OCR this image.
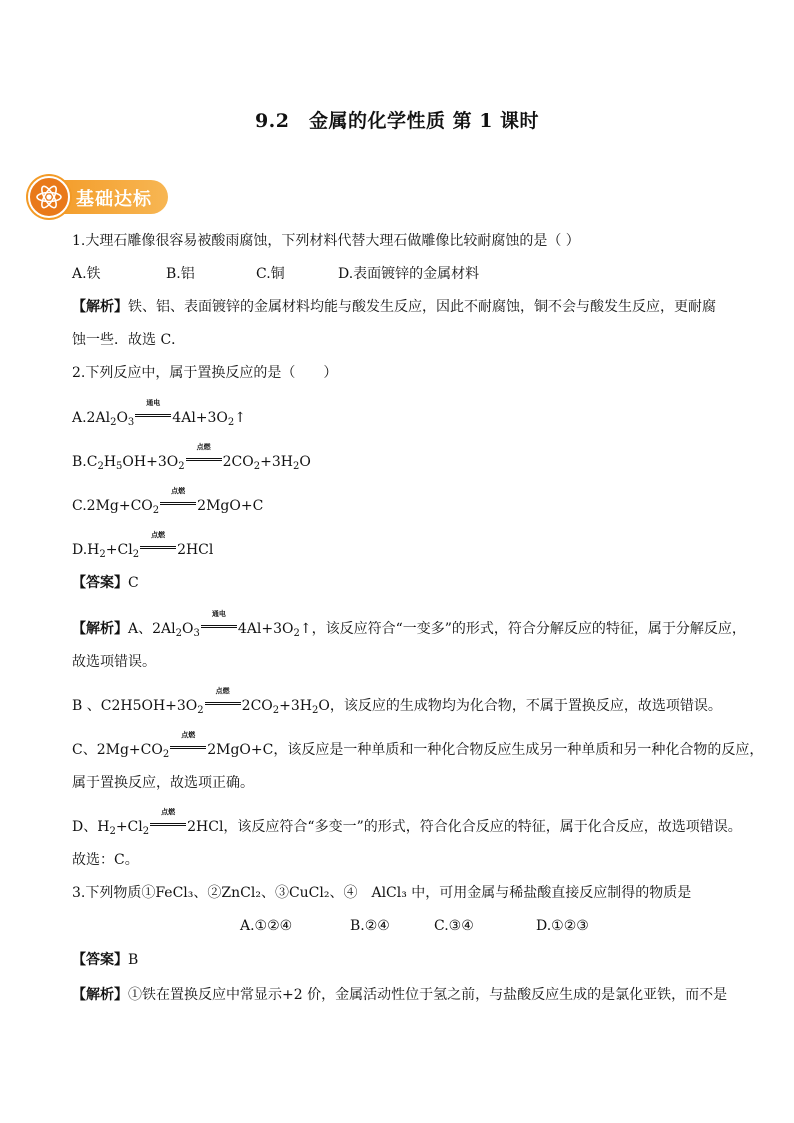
9.2　金属的化学性质 第 1 课时
基础达标
1.大理石雕像很容易被酸雨腐蚀，下列材料代替大理石做雕像比较耐腐蚀的是（ ）
A.铁	B.铝	C.铜	D.表面镀锌的金属材料
【解析】铁、铝、表面镀锌的金属材料均能与酸发生反应，因此不耐腐蚀，铜不会与酸发生反应，更耐腐
蚀一些．故选 C．
2.下列反应中，属于置换反应的是（　　）
$A.2Al_2O_3$
通电
$4Al+3O_2↑$
$B.C_2H_5OH+3O_2$
点燃
$2CO_2+3H_2O$
$C.2Mg+CO_2$
点燃
2MgO+C
$D.H_2+Cl_2$
点燃
2HCl
【答案】C
【解析】A、$2Al_2O_3$
通电
$4Al+3O_2↑$，该反应符合“一变多”的形式，符合分解反应的特征，属于分解反应，
故选项错误。
B 、$C2H5OH+3O_2$
点燃
$2CO_2+3H_2O$，该反应的生成物均为化合物，不属于置换反应，故选项错误。
C、$2Mg+CO_2$
点燃
2MgO+C，该反应是一种单质和一种化合物反应生成另一种单质和另一种化合物的反应，
属于置换反应，故选项正确。
D、$H_2+Cl_2$
点燃
2HCl，该反应符合“多变一”的形式，符合化合反应的特征，属于化合反应，故选项错误。
故选：C。
3.下列物质①FeCl₃、②ZnCl₂、③CuCl₂、④　AlCl₃ 中，可用金属与稀盐酸直接反应制得的物质是
A.①②④	B.②④	C.③④	D.①②③
【答案】B
【解析】①铁在置换反应中常显示+2 价，金属活动性位于氢之前，与盐酸反应生成的是氯化亚铁，而不是
